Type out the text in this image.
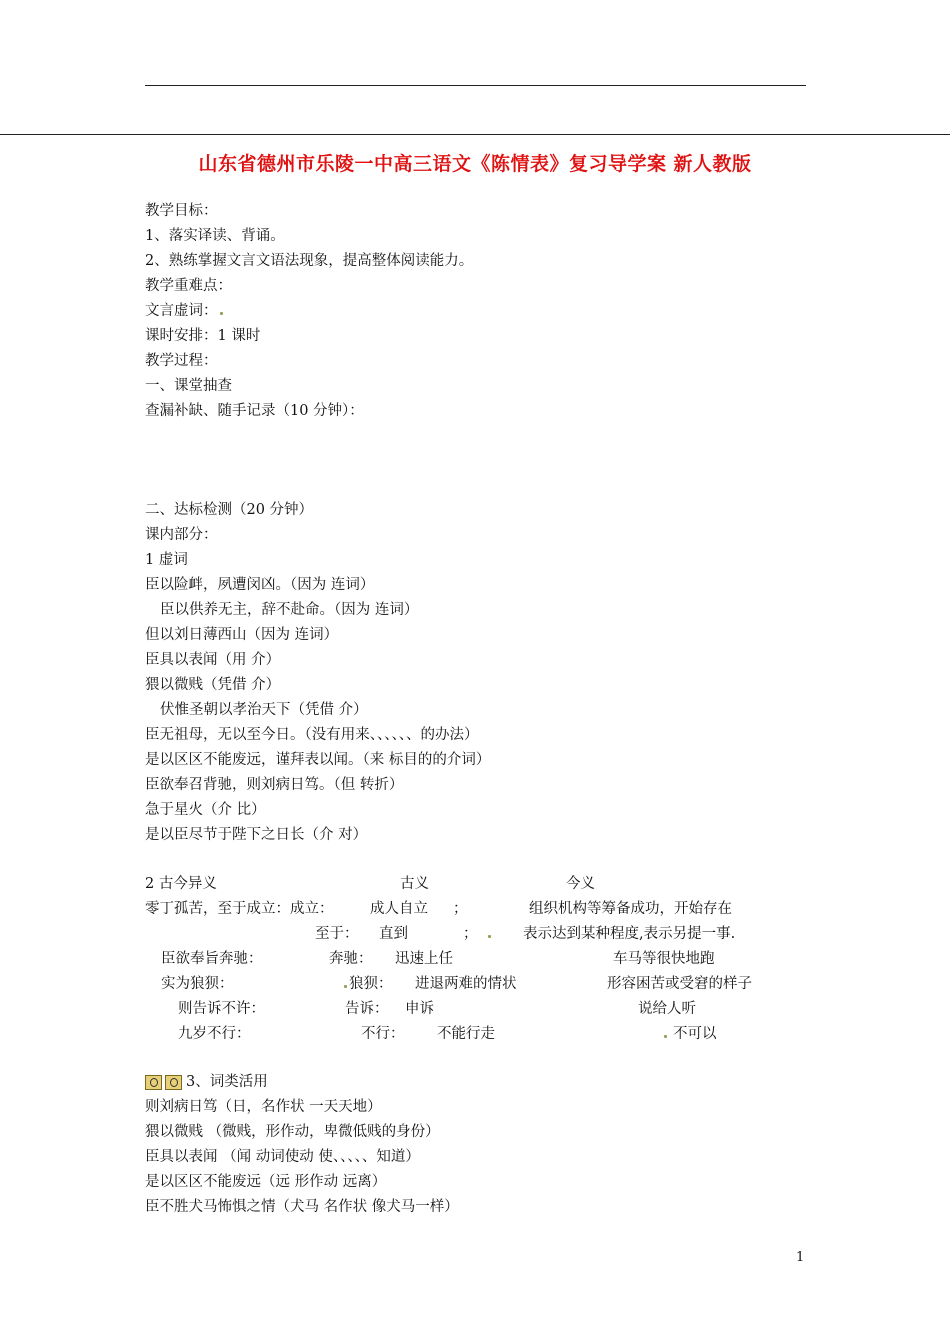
山东省德州市乐陵一中高三语文《陈情表》复习导学案 新人教版
教学目标：
1、落实译读、背诵。
2、熟练掌握文言文语法现象，提高整体阅读能力。
教学重难点：
文言虚词：
课时安排：1 课时
教学过程：
一、课堂抽查
查漏补缺、随手记录（10 分钟）：
二、达标检测（20 分钟）
课内部分：
1 虚词
臣以险衅，夙遭闵凶。（因为 连词）
臣以供养无主，辞不赴命。（因为 连词）
但以刘日薄西山（因为 连词）
臣具以表闻（用 介）
猥以微贱（凭借 介）
伏惟圣朝以孝治天下（凭借 介）
臣无祖母，无以至今日。（没有用来、、、、、、的办法）
是以区区不能废远，谨拜表以闻。（来 标目的的介词）
臣欲奉召背驰，则刘病日笃。（但 转折）
急于星火（介 比）
是以臣尽节于陛下之日长（介 对）
2 古今异义	古义	今义
零丁孤苦，至于成立：成立：	成人自立 ；	组织机构等筹备成功，开始存在
至于： 直到	；	表示达到某种程度,表示另提一事.
臣欲奉旨奔驰：	奔驰： 迅速上任	车马等很快地跑
实为狼狈：	狼狈： 进退两难的情状	形容困苦或受窘的样子
则告诉不许：	告诉： 申诉	说给人听
九岁不行：	不行： 不能行走	不可以
3、词类活用
则刘病日笃（日，名作状 一天天地）
猥以微贱 （微贱，形作动，卑微低贱的身份）
臣具以表闻 （闻 动词使动 使、、、、、知道）
是以区区不能废远（远 形作动 远离）
臣不胜犬马怖惧之情（犬马 名作状 像犬马一样）
1
